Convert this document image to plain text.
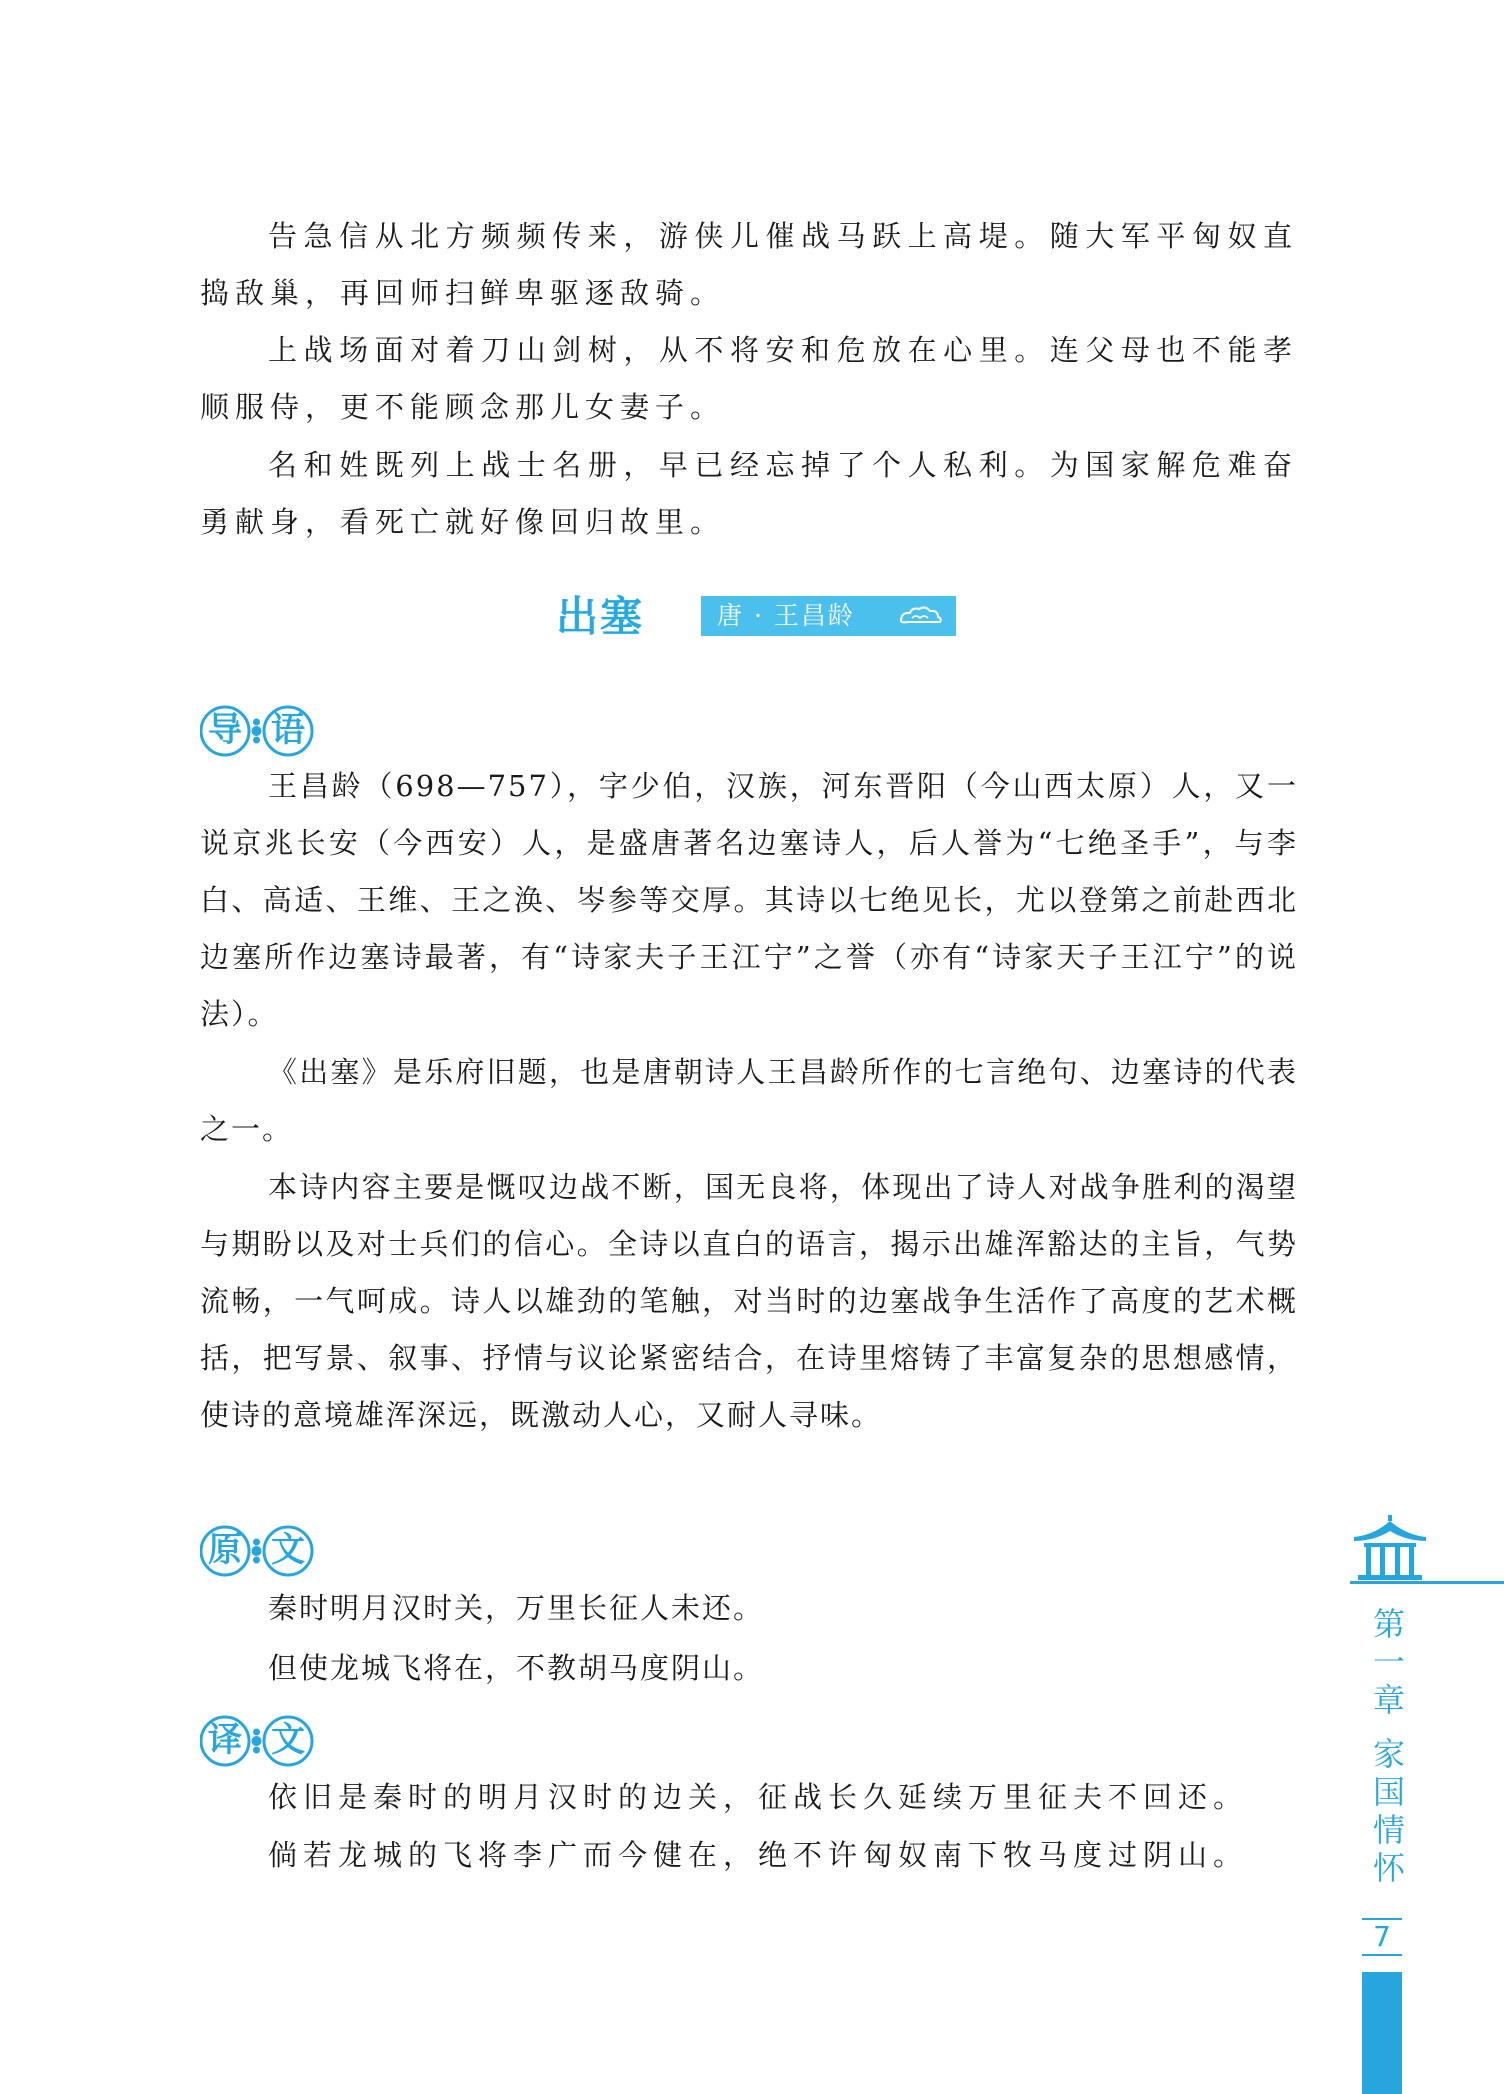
告急信从北方频频传来，游侠儿催战马跃上高堤。随大军平匈奴直捣敌巢，再回师扫鲜卑驱逐敌骑。

上战场面对着刀山剑树，从不将安和危放在心里。连父母也不能孝顺服侍，更不能顾念那儿女妻子。

名和姓既列上战士名册，早已经忘掉了个人私利。为国家解危难奋勇献身，看死亡就好像回归故里。

出塞	唐 · 王昌龄
导 语

王昌龄（698—757），字少伯，汉族，河东晋阳（今山西太原）人，又一说京兆长安（今西安）人，是盛唐著名边塞诗人，后人誉为“七绝圣手”，与李白、高适、王维、王之涣、岑参等交厚。其诗以七绝见长，尤以登第之前赴西北边塞所作边塞诗最著，有“诗家夫子王江宁”之誉（亦有“诗家天子王江宁”的说法）。

《出塞》是乐府旧题，也是唐朝诗人王昌龄所作的七言绝句、边塞诗的代表之一。

本诗内容主要是慨叹边战不断，国无良将，体现出了诗人对战争胜利的渴望与期盼以及对士兵们的信心。全诗以直白的语言，揭示出雄浑豁达的主旨，气势流畅，一气呵成。诗人以雄劲的笔触，对当时的边塞战争生活作了高度的艺术概括，把写景、叙事、抒情与议论紧密结合，在诗里熔铸了丰富复杂的思想感情，使诗的意境雄浑深远，既激动人心，又耐人寻味。

原 文

秦时明月汉时关，万里长征人未还。

但使龙城飞将在，不教胡马度阴山。

译 文

依旧是秦时的明月汉时的边关，征战长久延续万里征夫不回还。

倘若龙城的飞将李广而今健在，绝不许匈奴南下牧马度过阴山。

第
一
章
家
国
情
怀
7
